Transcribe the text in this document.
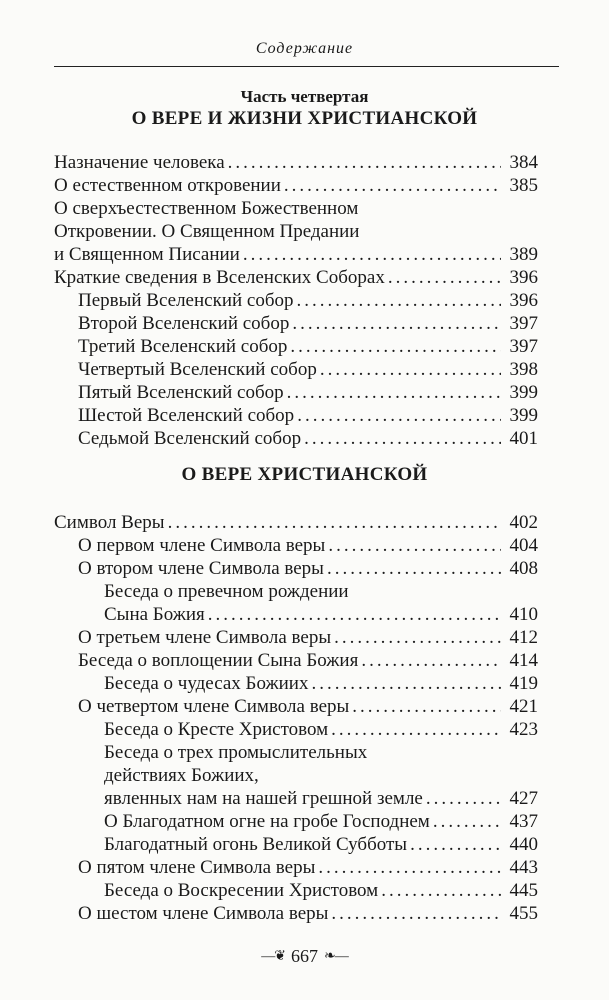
Содержание
Часть четвертая
О ВЕРЕ И ЖИЗНИ ХРИСТИАНСКОЙ
О ВЕРЕ ХРИСТИАНСКОЙ
Назначение человека .....	384
О естественном откровении .....	385
О сверхъестественном Божественном
Откровении. О Священном Предании
и Священном Писании .....	389
Краткие сведения в Вселенских Соборах .....	396
Первый Вселенский собор .....	396
Второй Вселенский собор .....	397
Третий Вселенский собор .....	397
Четвертый Вселенский собор .....	398
Пятый Вселенский собор .....	399
Шестой Вселенский собор .....	399
Седьмой Вселенский собор .....	401
Символ Веры .....	402
О первом члене Символа веры .....	404
О втором члене Символа веры .....	408
Беседа о превечном рождении
Сына Божия .....	410
О третьем члене Символа веры .....	412
Беседа о воплощении Сына Божия .....	414
Беседа о чудесах Божиих .....	419
О четвертом члене Символа веры .....	421
Беседа о Кресте Христовом .....	423
Беседа о трех промыслительных
действиях Божиих,
явленных нам на нашей грешной земле .....	427
О Благодатном огне на гробе Господнем .....	437
Благодатный огонь Великой Субботы .....	440
О пятом члене Символа веры .....	443
Беседа о Воскресении Христовом .....	445
О шестом члене Символа веры .....	455
—❦ 667 ❧—
